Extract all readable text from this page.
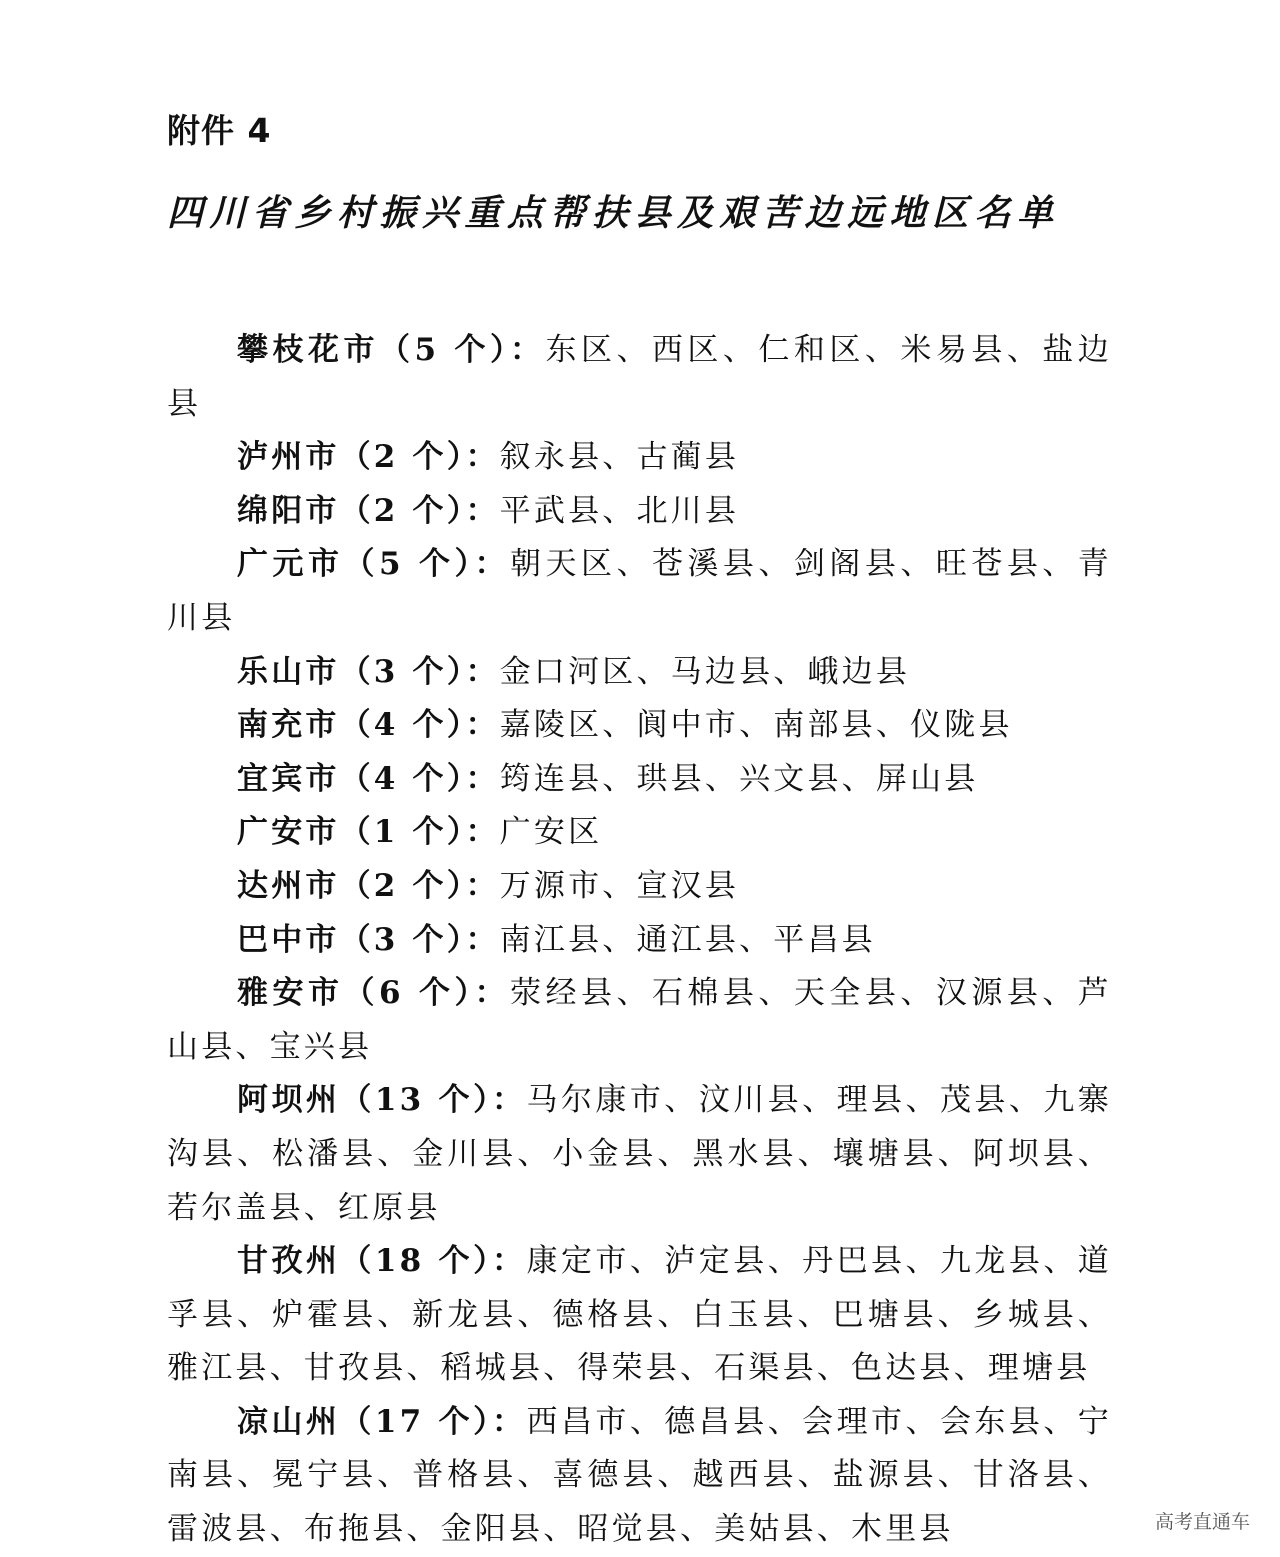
附件 4
四川省乡村振兴重点帮扶县及艰苦边远地区名单
攀枝花市（5 个）：东区、西区、仁和区、米易县、盐边县
泸州市（2 个）：叙永县、古蔺县
绵阳市（2 个）：平武县、北川县
广元市（5 个）：朝天区、苍溪县、剑阁县、旺苍县、青川县
乐山市（3 个）：金口河区、马边县、峨边县
南充市（4 个）：嘉陵区、阆中市、南部县、仪陇县
宜宾市（4 个）：筠连县、珙县、兴文县、屏山县
广安市（1 个）：广安区
达州市（2 个）：万源市、宣汉县
巴中市（3 个）：南江县、通江县、平昌县
雅安市（6 个）：荥经县、石棉县、天全县、汉源县、芦山县、宝兴县
阿坝州（13 个）：马尔康市、汶川县、理县、茂县、九寨沟县、松潘县、金川县、小金县、黑水县、壤塘县、阿坝县、若尔盖县、红原县
甘孜州（18 个）：康定市、泸定县、丹巴县、九龙县、道孚县、炉霍县、新龙县、德格县、白玉县、巴塘县、乡城县、雅江县、甘孜县、稻城县、得荣县、石渠县、色达县、理塘县
凉山州（17 个）：西昌市、德昌县、会理市、会东县、宁南县、冕宁县、普格县、喜德县、越西县、盐源县、甘洛县、雷波县、布拖县、金阳县、昭觉县、美姑县、木里县	高考直通车
